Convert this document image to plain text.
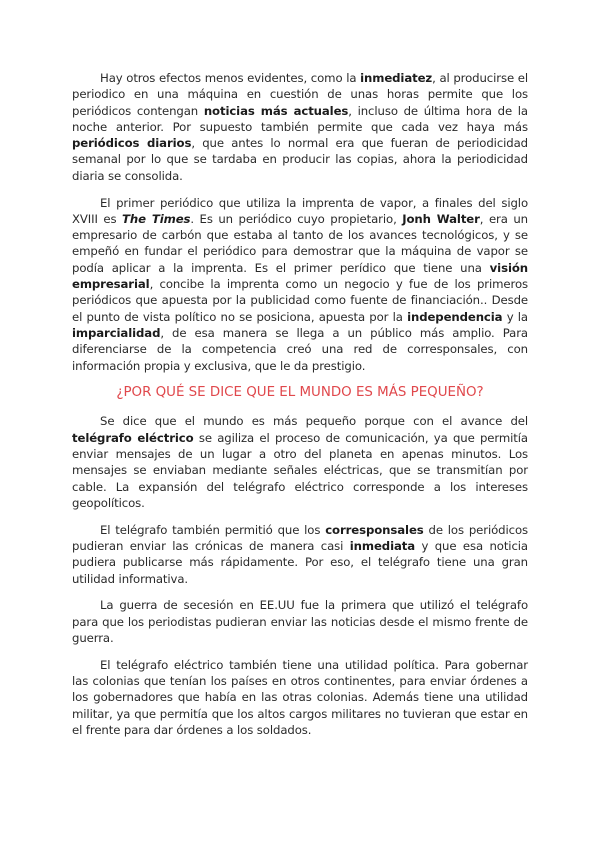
Hay otros efectos menos evidentes, como la inmediatez, al producirse el periodico en una máquina en cuestión de unas horas permite que los periódicos contengan noticias más actuales, incluso de última hora de la noche anterior. Por supuesto también permite que cada vez haya más periódicos diarios, que antes lo normal era que fueran de periodicidad semanal por lo que se tardaba en producir las copias, ahora la periodicidad diaria se consolida.

El primer periódico que utiliza la imprenta de vapor, a finales del siglo XVIII es The Times. Es un periódico cuyo propietario, Jonh Walter, era un empresario de carbón que estaba al tanto de los avances tecnológicos, y se empeñó en fundar el periódico para demostrar que la máquina de vapor se podía aplicar a la imprenta. Es el primer perídico que tiene una visión empresarial, concibe la imprenta como un negocio y fue de los primeros periódicos que apuesta por la publicidad como fuente de financiación.. Desde el punto de vista político no se posiciona, apuesta por la independencia y la imparcialidad, de esa manera se llega a un público más amplio. Para diferenciarse de la competencia creó una red de corresponsales, con información propia y exclusiva, que le da prestigio.

¿POR QUÉ SE DICE QUE EL MUNDO ES MÁS PEQUEÑO?

Se dice que el mundo es más pequeño porque con el avance del telégrafo eléctrico se agiliza el proceso de comunicación, ya que permitía enviar mensajes de un lugar a otro del planeta en apenas minutos. Los mensajes se enviaban mediante señales eléctricas, que se transmitían por cable. La expansión del telégrafo eléctrico corresponde a los intereses geopolíticos.

El telégrafo también permitió que los corresponsales de los periódicos pudieran enviar las crónicas de manera casi inmediata y que esa noticia pudiera publicarse más rápidamente. Por eso, el telégrafo tiene una gran utilidad informativa.

La guerra de secesión en EE.UU fue la primera que utilizó el telégrafo para que los periodistas pudieran enviar las noticias desde el mismo frente de guerra.

El telégrafo eléctrico también tiene una utilidad política. Para gobernar las colonias que tenían los países en otros continentes, para enviar órdenes a los gobernadores que había en las otras colonias. Además tiene una utilidad militar, ya que permitía que los altos cargos militares no tuvieran que estar en el frente para dar órdenes a los soldados.
